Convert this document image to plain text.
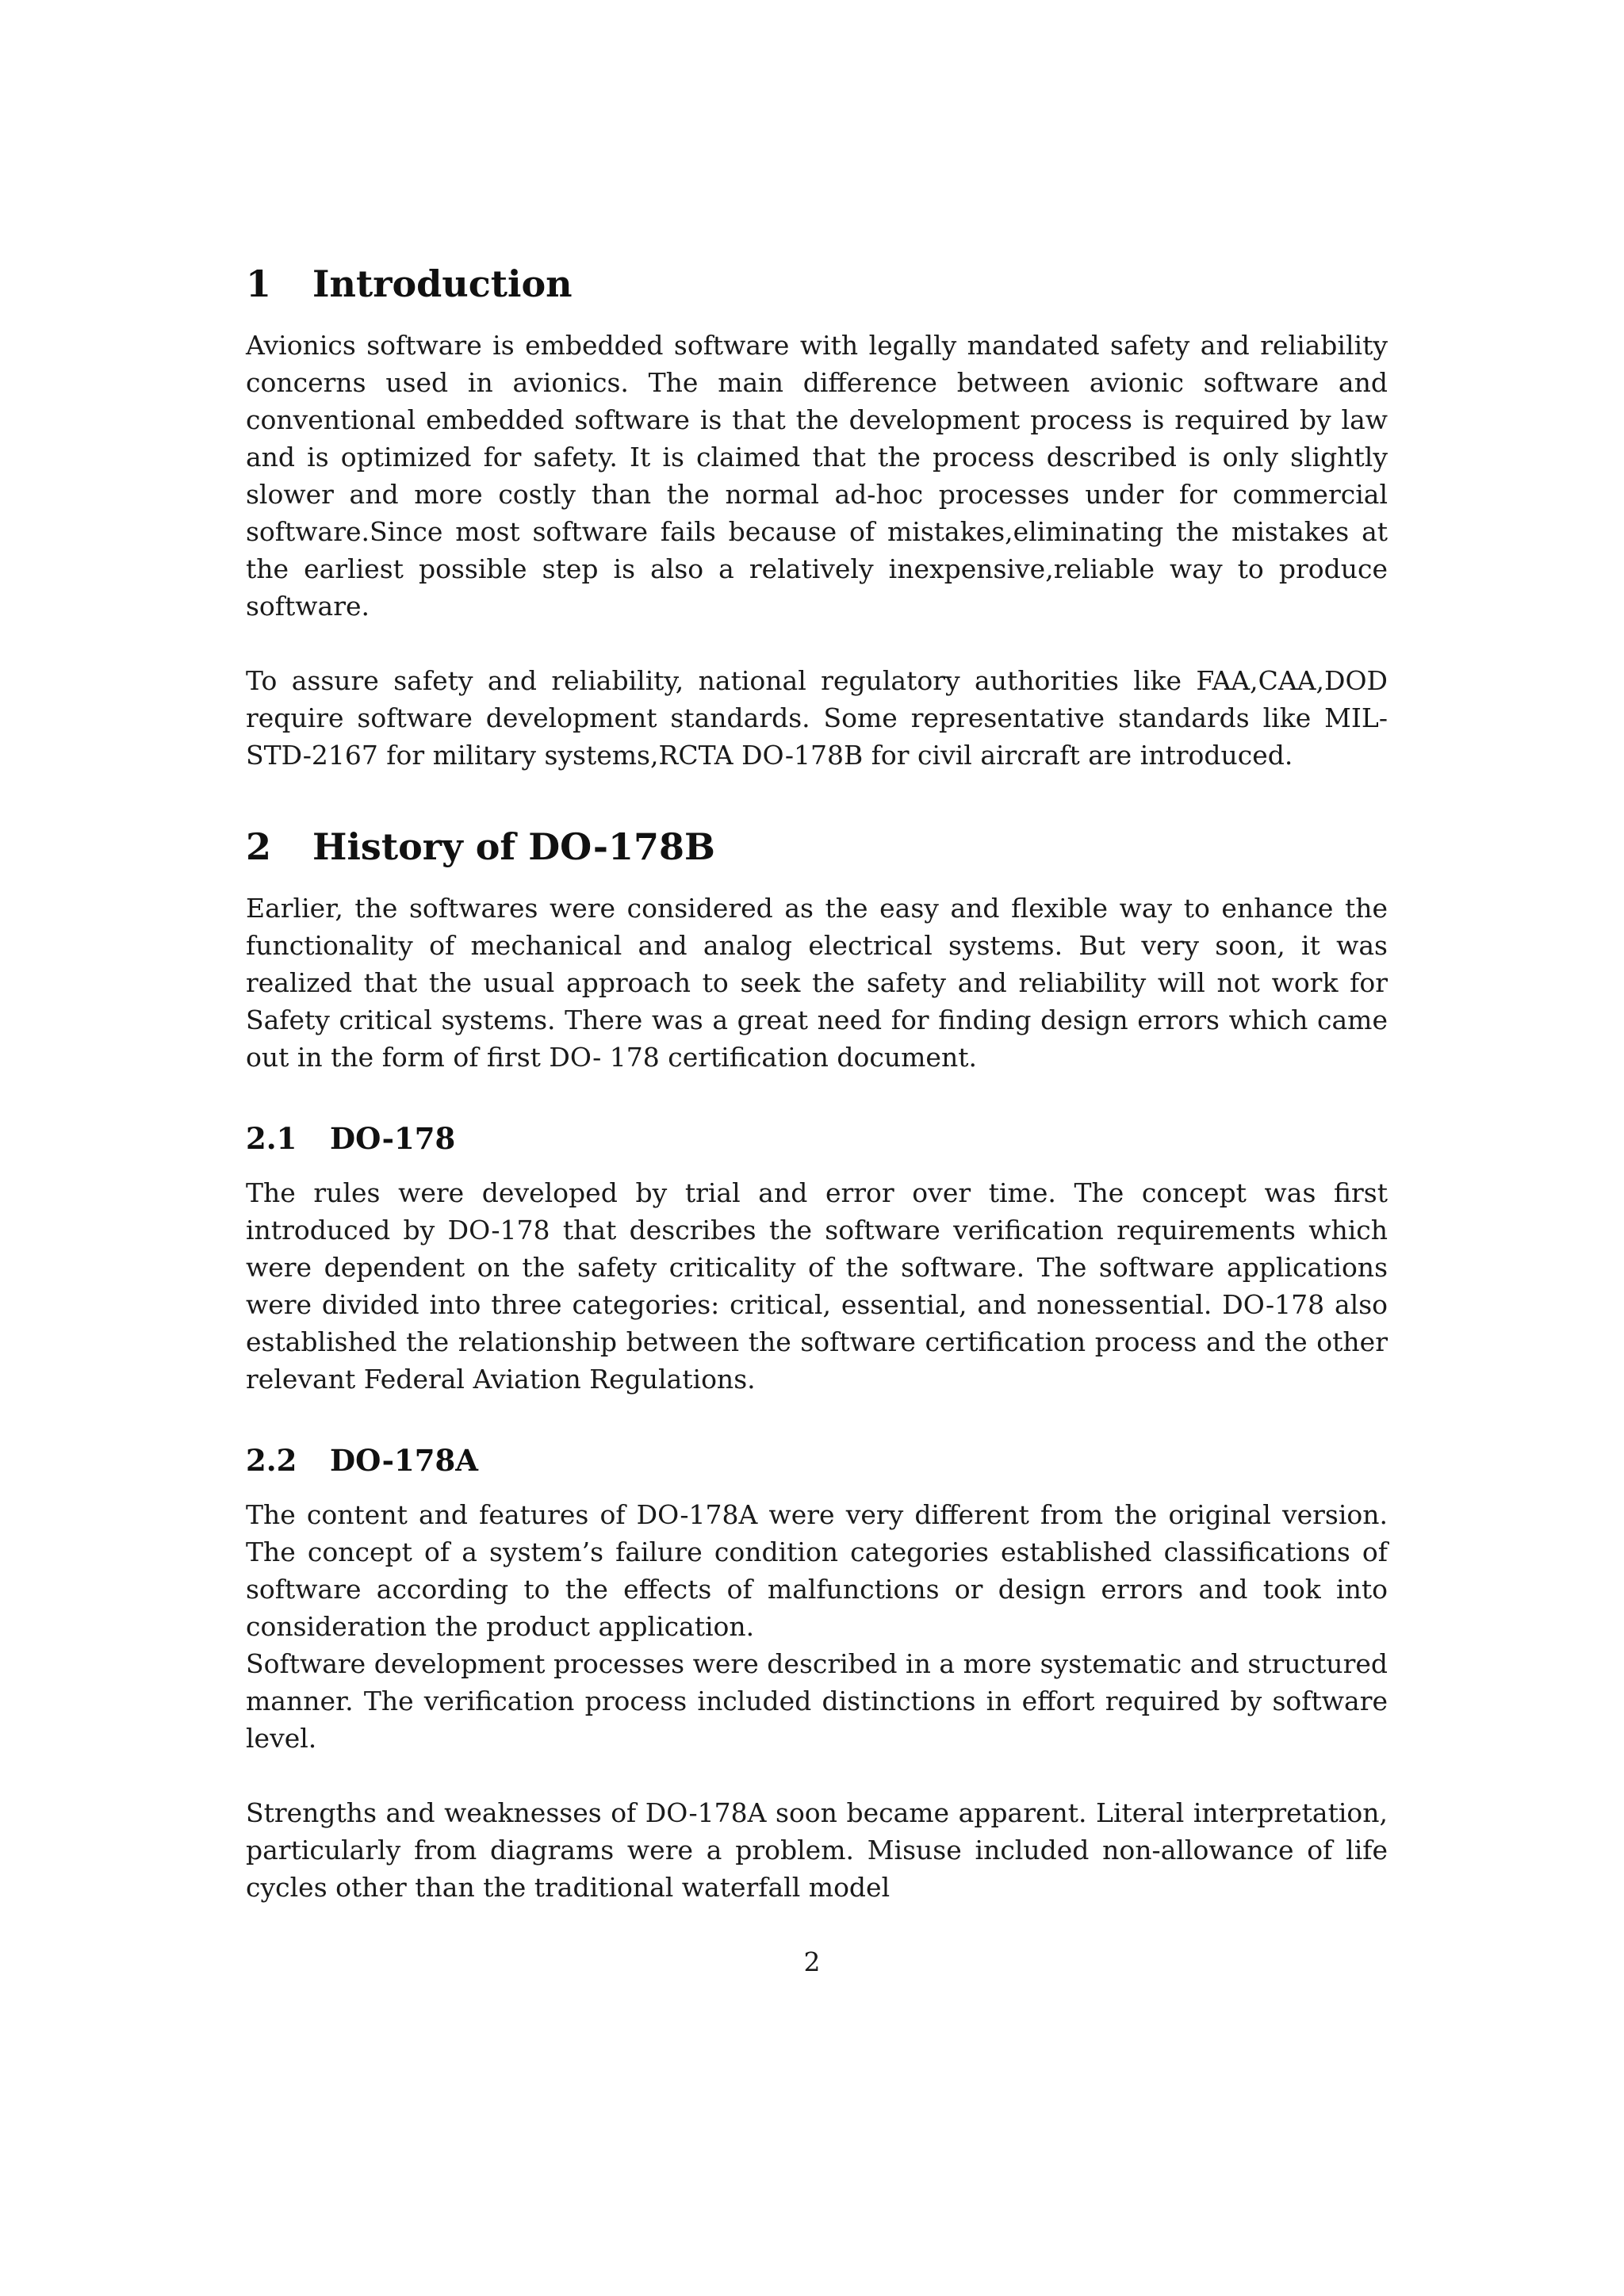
1 Introduction

Avionics software is embedded software with legally mandated safety and reliability concerns used in avionics. The main difference between avionic software and conventional embedded software is that the development process is required by law and is optimized for safety. It is claimed that the process described is only slightly slower and more costly than the normal ad-hoc processes under for commercial software.Since most software fails because of mistakes,eliminating the mistakes at the earliest possible step is also a relatively inexpensive,reliable way to produce software.

To assure safety and reliability, national regulatory authorities like FAA,CAA,DOD require software development standards. Some representative standards like MIL-STD-2167 for military systems,RCTA DO-178B for civil aircraft are introduced.

2 History of DO-178B

Earlier, the softwares were considered as the easy and flexible way to enhance the functionality of mechanical and analog electrical systems. But very soon, it was realized that the usual approach to seek the safety and reliability will not work for Safety critical systems. There was a great need for finding design errors which came out in the form of first DO- 178 certification document.

2.1 DO-178

The rules were developed by trial and error over time. The concept was first introduced by DO-178 that describes the software verification requirements which were dependent on the safety criticality of the software. The software applications were divided into three categories: critical, essential, and nonessential. DO-178 also established the relationship between the software certification process and the other relevant Federal Aviation Regulations.

2.2 DO-178A

The content and features of DO-178A were very different from the original version. The concept of a system’s failure condition categories established classifications of software according to the effects of malfunctions or design errors and took into consideration the product application.

Software development processes were described in a more systematic and structured manner. The verification process included distinctions in effort required by software level.

Strengths and weaknesses of DO-178A soon became apparent. Literal interpretation, particularly from diagrams were a problem. Misuse included non-allowance of life cycles other than the traditional waterfall model

2
